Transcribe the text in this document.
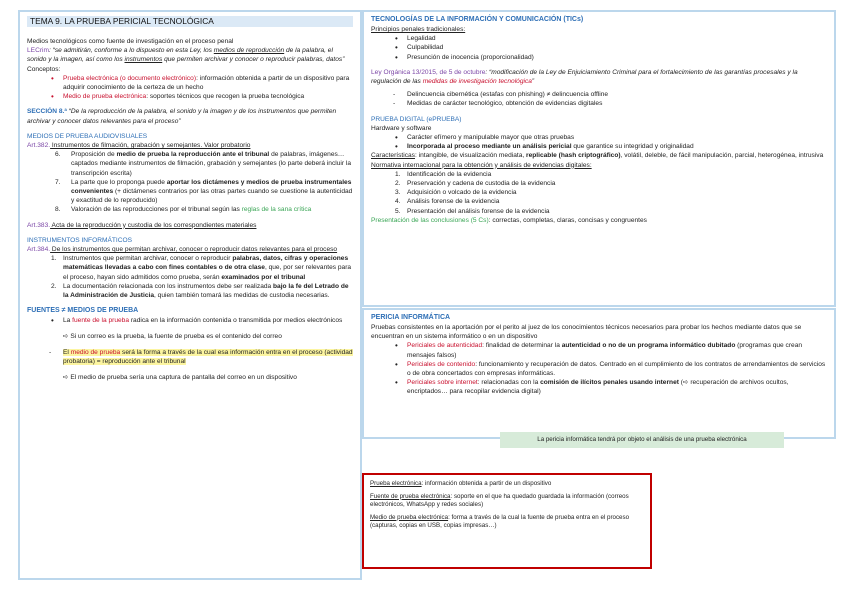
TEMA 9. LA PRUEBA PERICIAL TECNOLÓGICA

Medios tecnológicos como fuente de investigación en el proceso penal

LECrim: “se admitirán, conforme a lo dispuesto en esta Ley, los medios de reproducción de la palabra, el sonido y la imagen, así como los instrumentos que permiten archivar y conocer o reproducir palabras, datos”

Conceptos:

• Prueba electrónica (o documento electrónico): información obtenida a partir de un dispositivo para adquirir conocimiento de la certeza de un hecho
• Medio de prueba electrónica: soportes técnicos que recogen la prueba tecnológica

SECCIÓN 8.ª “De la reproducción de la palabra, el sonido y la imagen y de los instrumentos que permiten archivar y conocer datos relevantes para el proceso”

MEDIOS DE PRUEBA AUDIOVISUALES

Art.382. Instrumentos de filmación, grabación y semejantes. Valor probatorio

6. Proposición de medio de prueba la reproducción ante el tribunal de palabras, imágenes… captados mediante instrumentos de filmación, grabación y semejantes (lo parte deberá incluir la transcripción escrita)
7. La parte que lo proponga puede aportar los dictámenes y medios de prueba instrumentales convenientes (+ dictámenes contrarios por las otras partes cuando se cuestione la autenticidad y exactitud de lo reproducido)
8. Valoración de las reproducciones por el tribunal según las reglas de la sana crítica

Art.383. Acta de la reproducción y custodia de los correspondientes materiales

INSTRUMENTOS INFORMÁTICOS

Art.384. De los instrumentos que permitan archivar, conocer o reproducir datos relevantes para el proceso

1. Instrumentos que permitan archivar, conocer o reproducir palabras, datos, cifras y operaciones matemáticas llevadas a cabo con fines contables o de otra clase, que, por ser relevantes para el proceso, hayan sido admitidos como prueba, serán examinados por el tribunal
2. La documentación relacionada con los instrumentos debe ser realizada bajo la fe del Letrado de la Administración de Justicia, quien también tomará las medidas de custodia necesarias.

FUENTES ≠ MEDIOS DE PRUEBA

• La fuente de la prueba radica en la información contenida o transmitida por medios electrónicos

➪ Si un correo es la prueba, la fuente de prueba es el contenido del correo

- El medio de prueba será la forma a través de la cual esa información entra en el proceso (actividad probatoria) = reproducción ante el tribunal

➪ El medio de prueba sería una captura de pantalla del correo en un dispositivo

TECNOLOGÍAS DE LA INFORMACIÓN Y COMUNICACIÓN (TICs)

Principios penales tradicionales:

• Legalidad
• Culpabilidad
• Presunción de inocencia (proporcionalidad)

Ley Orgánica 13/2015, de 5 de octubre: “modificación de la Ley de Enjuiciamiento Criminal para el fortalecimiento de las garantías procesales y la regulación de las medidas de investigación tecnológica”

- Delincuencia cibernética (estafas con phishing) ≠ delincuencia offline
- Medidas de carácter tecnológico, obtención de evidencias digitales

PRUEBA DIGITAL (ePRUEBA)

Hardware y software

• Carácter efímero y manipulable mayor que otras pruebas
• Incorporada al proceso mediante un análisis pericial que garantice su integridad y originalidad

Características: intangible, de visualización mediata, replicable (hash criptográfico), volátil, deleble, de fácil manipulación, parcial, heterogénea, intrusiva

Normativa internacional para la obtención y análisis de evidencias digitales:

1. Identificación de la evidencia
2. Preservación y cadena de custodia de la evidencia
3. Adquisición o volcado de la evidencia
4. Análisis forense de la evidencia
5. Presentación del análisis forense de la evidencia

Presentación de las conclusiones (5 Cs): correctas, completas, claras, concisas y congruentes

PERICIA INFORMÁTICA

Pruebas consistentes en la aportación por el perito al juez de los conocimientos técnicos necesarios para probar los hechos mediante datos que se encuentran en un sistema informático o en un dispositivo

• Periciales de autenticidad: finalidad de determinar la autenticidad o no de un programa informático dubitado (programas que crean mensajes falsos)
• Periciales de contenido: funcionamiento y recuperación de datos. Centrado en el cumplimiento de los contratos de arrendamientos de servicios o de obra concertados con empresas informáticas.
• Periciales sobre internet: relacionadas con la comisión de ilícitos penales usando internet (➪ recuperación de archivos ocultos, encriptados… para recopilar evidencia digital)
La pericia informática tendrá por objeto el análisis de una prueba electrónica

Prueba electrónica: información obtenida a partir de un dispositivo

Fuente de prueba electrónica: soporte en el que ha quedado guardada la información (correos electrónicos, WhatsApp y redes sociales)

Medio de prueba electrónica: forma a través de la cual la fuente de prueba entra en el proceso (capturas, copias en USB, copias impresas…)
